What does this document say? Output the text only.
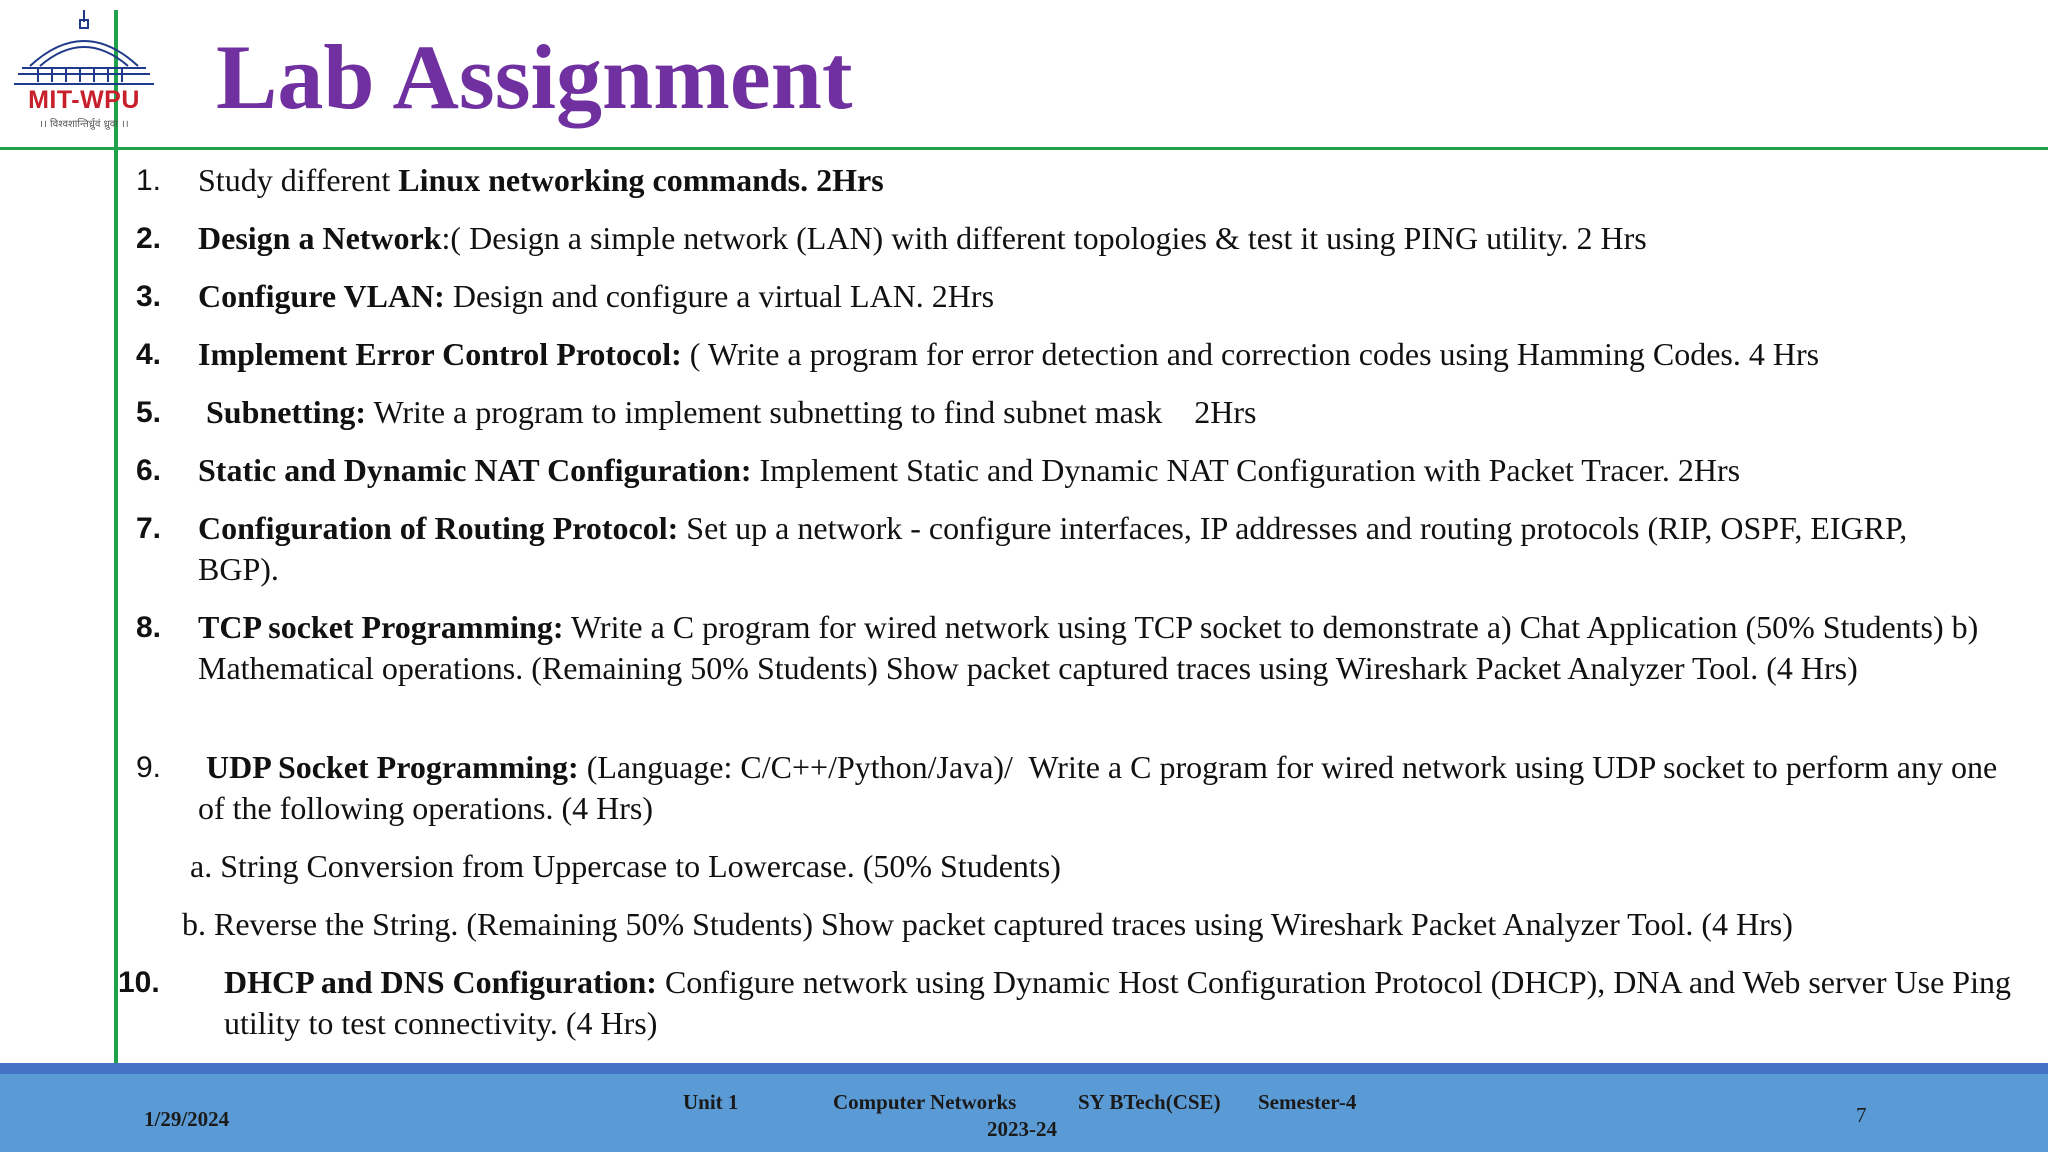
MIT-WPU
।। विश्वशान्तिर्ध्रुवं ध्रुवा ।। Lab Assignment
1. Study different Linux networking commands. 2Hrs
2. Design a Network:( Design a simple network (LAN) with different topologies & test it using PING utility. 2 Hrs
3. Configure VLAN: Design and configure a virtual LAN. 2Hrs
4. Implement Error Control Protocol: ( Write a program for error detection and correction codes using Hamming Codes. 4 Hrs
5. Subnetting: Write a program to implement subnetting to find subnet mask    2Hrs
6. Static and Dynamic NAT Configuration: Implement Static and Dynamic NAT Configuration with Packet Tracer. 2Hrs
7. Configuration of Routing Protocol: Set up a network - configure interfaces, IP addresses and routing protocols (RIP, OSPF, EIGRP, BGP).
8. TCP socket Programming: Write a C program for wired network using TCP socket to demonstrate a) Chat Application (50% Students) b) Mathematical operations. (Remaining 50% Students) Show packet captured traces using Wireshark Packet Analyzer Tool. (4 Hrs)
9. UDP Socket Programming: (Language: C/C++/Python/Java)/  Write a C program for wired network using UDP socket to perform any one of the following operations. (4 Hrs)
a. String Conversion from Uppercase to Lowercase. (50% Students)
b. Reverse the String. (Remaining 50% Students) Show packet captured traces using Wireshark Packet Analyzer Tool. (4 Hrs)
10. DHCP and DNS Configuration: Configure network using Dynamic Host Configuration Protocol (DHCP), DNA and Web server Use Ping utility to test connectivity. (4 Hrs)
1/29/2024
Unit 1	Computer Networks	SY BTech(CSE) Semester-4
2023-24
7
